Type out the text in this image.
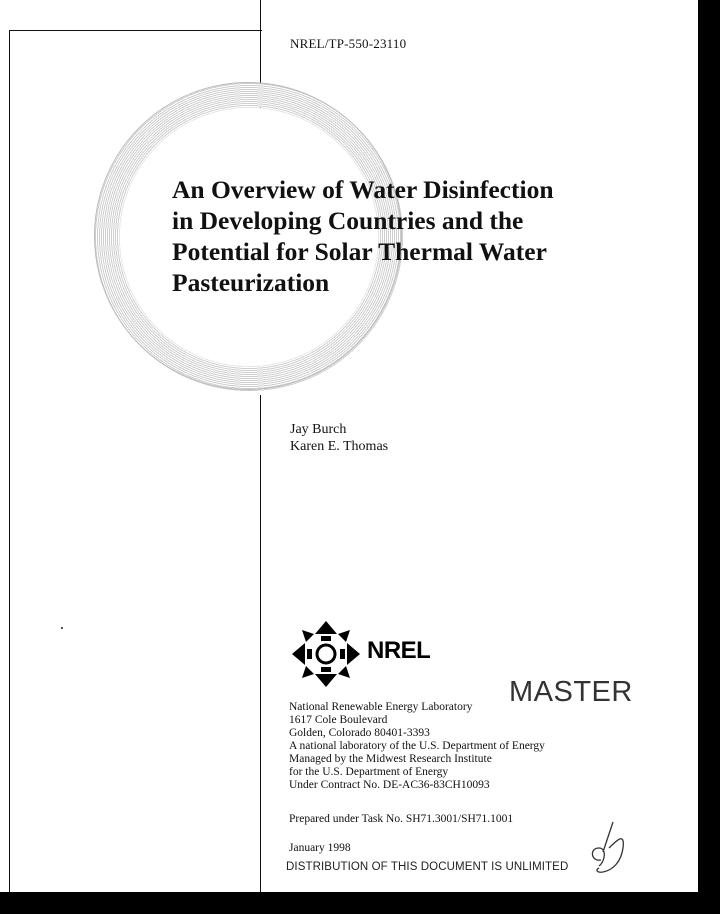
NREL/TP-550-23110
An Overview of Water Disinfection
in Developing Countries and the
Potential for Solar Thermal Water
Pasteurization
Jay Burch
Karen E. Thomas
NREL
MASTER
National Renewable Energy Laboratory
1617 Cole Boulevard
Golden, Colorado 80401-3393
A national laboratory of the U.S. Department of Energy
Managed by the Midwest Research Institute
for the U.S. Department of Energy
Under Contract No. DE-AC36-83CH10093
Prepared under Task No. SH71.3001/SH71.1001
January 1998
DISTRIBUTION OF THIS DOCUMENT IS UNLIMITED
